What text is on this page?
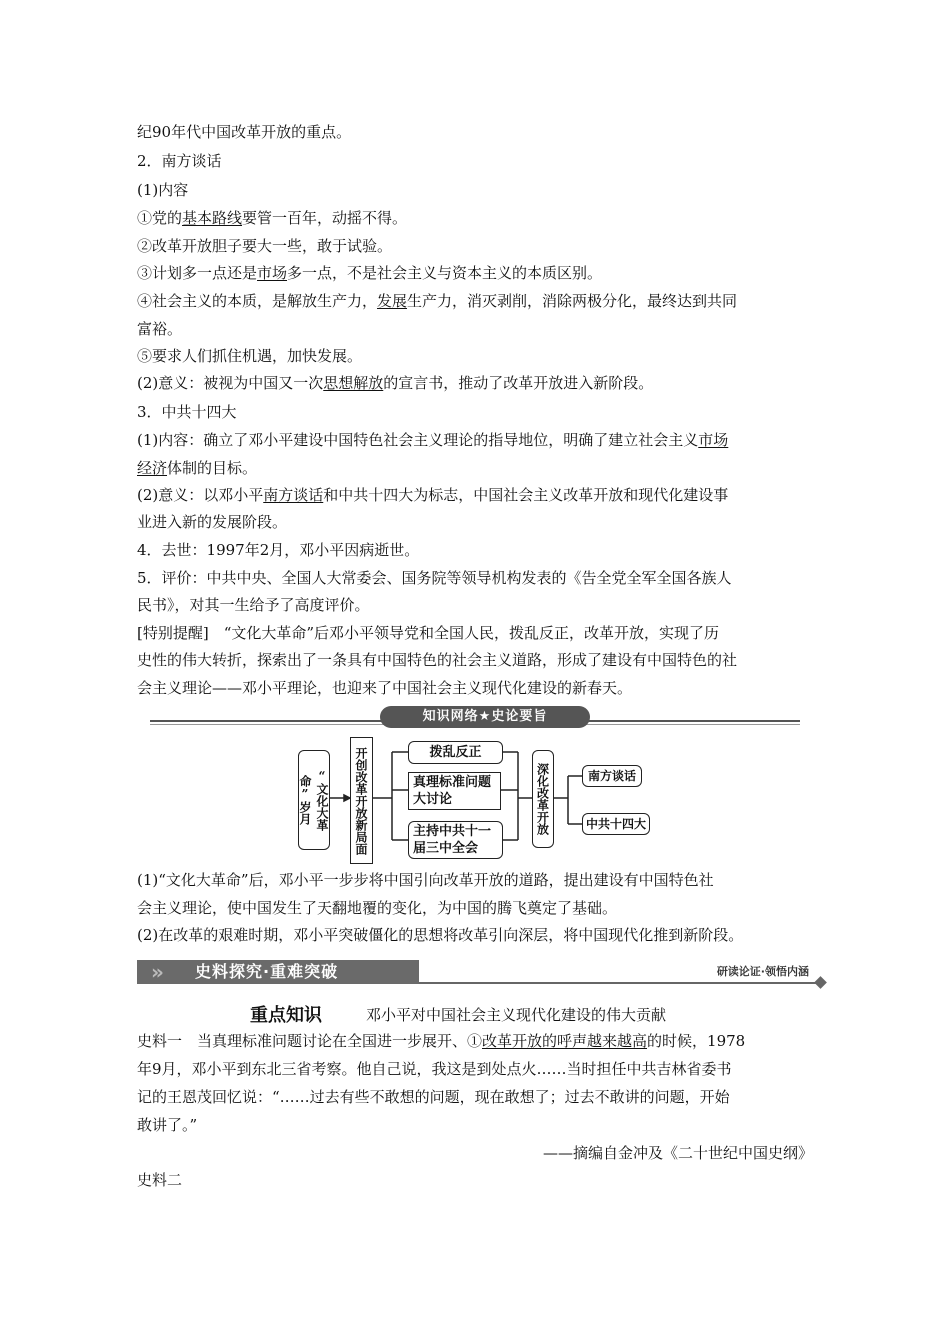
纪90年代中国改革开放的重点。
2．南方谈话
(1)内容
①党的基本路线要管一百年，动摇不得。
②改革开放胆子要大一些，敢于试验。
③计划多一点还是市场多一点，不是社会主义与资本主义的本质区别。
④社会主义的本质，是解放生产力，发展生产力，消灭剥削，消除两极分化，最终达到共同
富裕。
⑤要求人们抓住机遇，加快发展。
(2)意义：被视为中国又一次思想解放的宣言书，推动了改革开放进入新阶段。
3．中共十四大
(1)内容：确立了邓小平建设中国特色社会主义理论的指导地位，明确了建立社会主义市场
经济体制的目标。
(2)意义：以邓小平南方谈话和中共十四大为标志，中国社会主义改革开放和现代化建设事
业进入新的发展阶段。
4．去世：1997年2月，邓小平因病逝世。
5．评价：中共中央、全国人大常委会、国务院等领导机构发表的《告全党全军全国各族人
民书》，对其一生给予了高度评价。
[特别提醒]　“文化大革命”后邓小平领导党和全国人民，拨乱反正，改革开放，实现了历
史性的伟大转折，探索出了一条具有中国特色的社会主义道路，形成了建设有中国特色的社
会主义理论——邓小平理论，也迎来了中国社会主义现代化建设的新春天。
知识网络★史论要旨
“文化大革命”岁月	开创改革开放新局面	拨乱反正
真理标准问题大讨论
主持中共十一届三中全会
深化改革开放	南方谈话
中共十四大
(1)“文化大革命”后，邓小平一步步将中国引向改革开放的道路，提出建设有中国特色社
会主义理论，使中国发生了天翻地覆的变化，为中国的腾飞奠定了基础。
(2)在改革的艰难时期，邓小平突破僵化的思想将改革引向深层，将中国现代化推到新阶段。
» 史料探究·重难突破	研读论证·领悟内涵
重点知识	邓小平对中国社会主义现代化建设的伟大贡献
史料一　当真理标准问题讨论在全国进一步展开、①改革开放的呼声越来越高的时候，1978
年9月，邓小平到东北三省考察。他自己说，我这是到处点火……当时担任中共吉林省委书
记的王恩茂回忆说：“……过去有些不敢想的问题，现在敢想了；过去不敢讲的问题，开始
敢讲了。”
——摘编自金冲及《二十世纪中国史纲》
史料二
